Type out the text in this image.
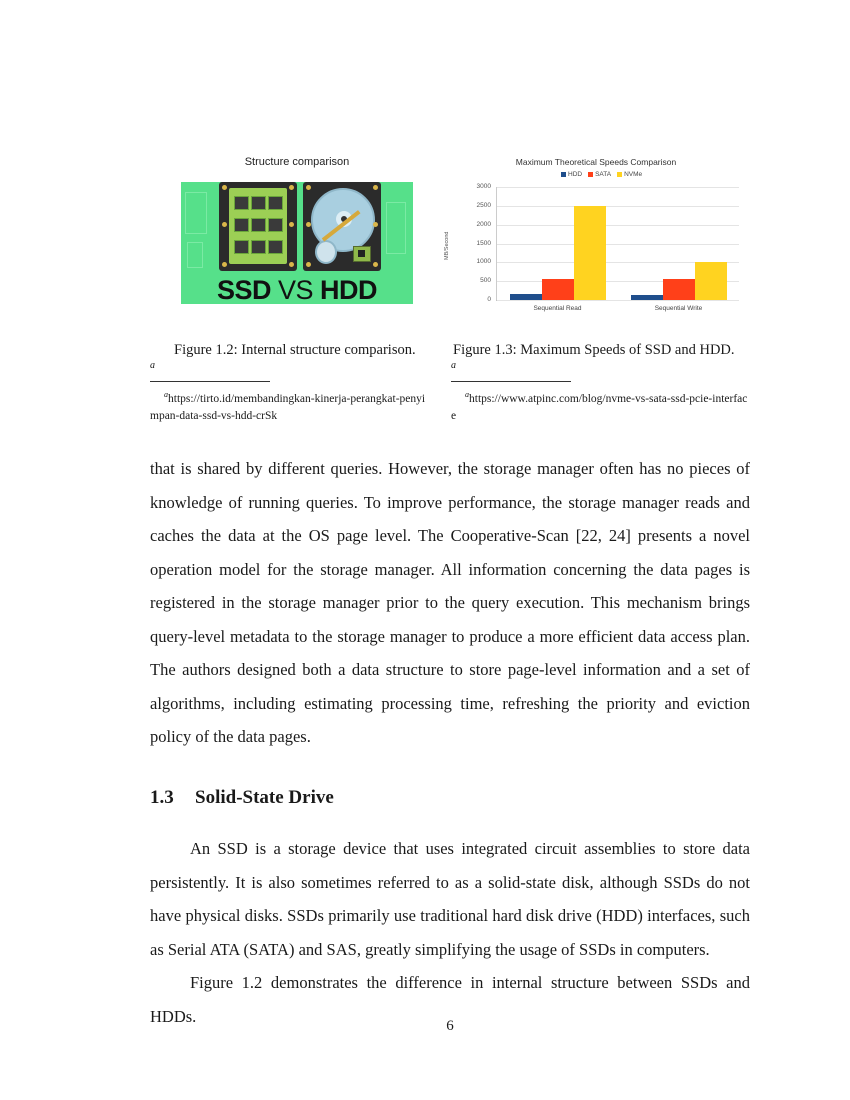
Structure comparison
SSD VS HDD
Maximum Theoretical Speeds Comparison
HDD	SATA	NVMe
MB/Second
3000
2500
2000
1500
1000
500
0
Sequential Read	Sequential Write
Figure 1.2: Internal structure comparison.
a
$^a$https://tirto.id/membandingkan-kinerja-perangkat-penyimpan-data-ssd-vs-hdd-crSk
Figure 1.3: Maximum Speeds of SSD and HDD.
a
$^a$https://www.atpinc.com/blog/nvme-vs-sata-ssd-pcie-interface

that is shared by different queries. However, the storage manager often has no pieces of knowledge of running queries. To improve performance, the storage manager reads and caches the data at the OS page level. The Cooperative-Scan [22, 24] presents a novel operation model for the storage manager. All information concerning the data pages is registered in the storage manager prior to the query execution. This mechanism brings query-level metadata to the storage manager to produce a more efficient data access plan. The authors designed both a data structure to store page-level information and a set of algorithms, including estimating processing time, refreshing the priority and eviction policy of the data pages.

1.3 Solid-State Drive

An SSD is a storage device that uses integrated circuit assemblies to store data persistently. It is also sometimes referred to as a solid-state disk, although SSDs do not have physical disks. SSDs primarily use traditional hard disk drive (HDD) interfaces, such as Serial ATA (SATA) and SAS, greatly simplifying the usage of SSDs in computers.

Figure 1.2 demonstrates the difference in internal structure between SSDs and HDDs.

6
